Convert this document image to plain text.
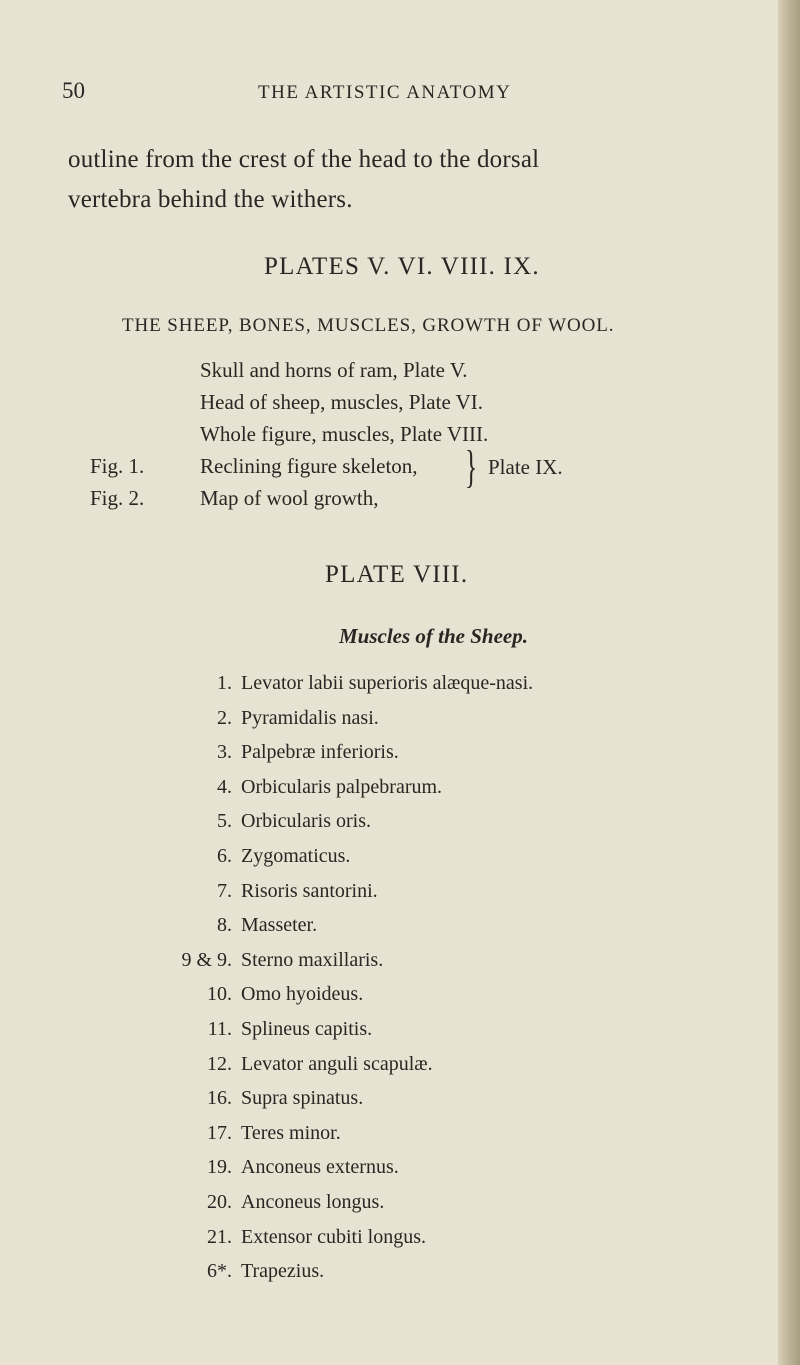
50	THE ARTISTIC ANATOMY
outline from the crest of the head to the dorsal
vertebra behind the withers.
PLATES V. VI. VIII. IX.
THE SHEEP, BONES, MUSCLES, GROWTH OF WOOL.
Skull and horns of ram, Plate V.
Head of sheep, muscles, Plate VI.
Whole figure, muscles, Plate VIII.
Fig. 1.	Reclining figure skeleton,
Fig. 2.	Map of wool growth,
} Plate IX.
PLATE VIII.
Muscles of the Sheep.
1. Levator labii superioris alæque-nasi.
2. Pyramidalis nasi.
3. Palpebræ inferioris.
4. Orbicularis palpebrarum.
5. Orbicularis oris.
6. Zygomaticus.
7. Risoris santorini.
8. Masseter.
9 & 9. Sterno maxillaris.
10. Omo hyoideus.
11. Splineus capitis.
12. Levator anguli scapulæ.
16. Supra spinatus.
17. Teres minor.
19. Anconeus externus.
20. Anconeus longus.
21. Extensor cubiti longus.
6*. Trapezius.
